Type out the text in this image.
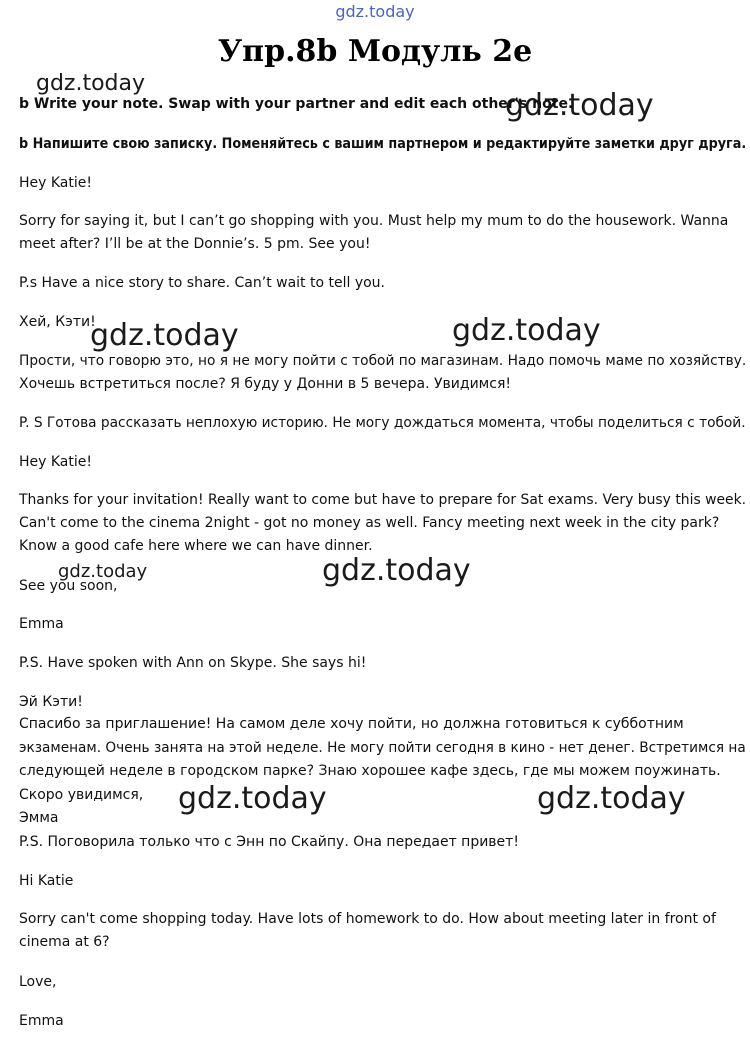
gdz.today
gdz.today
gdz.today
gdz.today	gdz.today
gdz.today	gdz.today
gdz.today	gdz.today
Упр.8b Модуль 2e
b Write your note. Swap with your partner and edit each other's note.
b Напишите свою записку. Поменяйтесь с вашим партнером и редактируйте заметки друг друга.
Hey Katie!
Sorry for saying it, but I can’t go shopping with you. Must help my mum to do the housework. Wanna
meet after? I’ll be at the Donnie’s. 5 pm. See you!
P.s Have a nice story to share. Can’t wait to tell you.
Хей, Кэти!
Прости, что говорю это, но я не могу пойти с тобой по магазинам. Надо помочь маме по хозяйству.
Хочешь встретиться после? Я буду у Донни в 5 вечера. Увидимся!
P. S Готова рассказать неплохую историю. Не могу дождаться момента, чтобы поделиться с тобой.
Hey Katie!
Thanks for your invitation! Really want to come but have to prepare for Sat exams. Very busy this week.
Can't come to the cinema 2night - got no money as well. Fancy meeting next week in the city park?
Know a good cafe here where we can have dinner.
See you soon,
Emma
P.S. Have spoken with Ann on Skype. She says hi!
Эй Кэти!
Спасибо за приглашение! На самом деле хочу пойти, но должна готовиться к субботним
экзаменам. Очень занята на этой неделе. Не могу пойти сегодня в кино - нет денег. Встретимся на
следующей неделе в городском парке? Знаю хорошее кафе здесь, где мы можем поужинать.
Скоро увидимся,
Эмма
P.S. Поговорила только что с Энн по Скайпу. Она передает привет!
Hi Katie
Sorry can't come shopping today. Have lots of homework to do. How about meeting later in front of
cinema at 6?
Love,
Emma
